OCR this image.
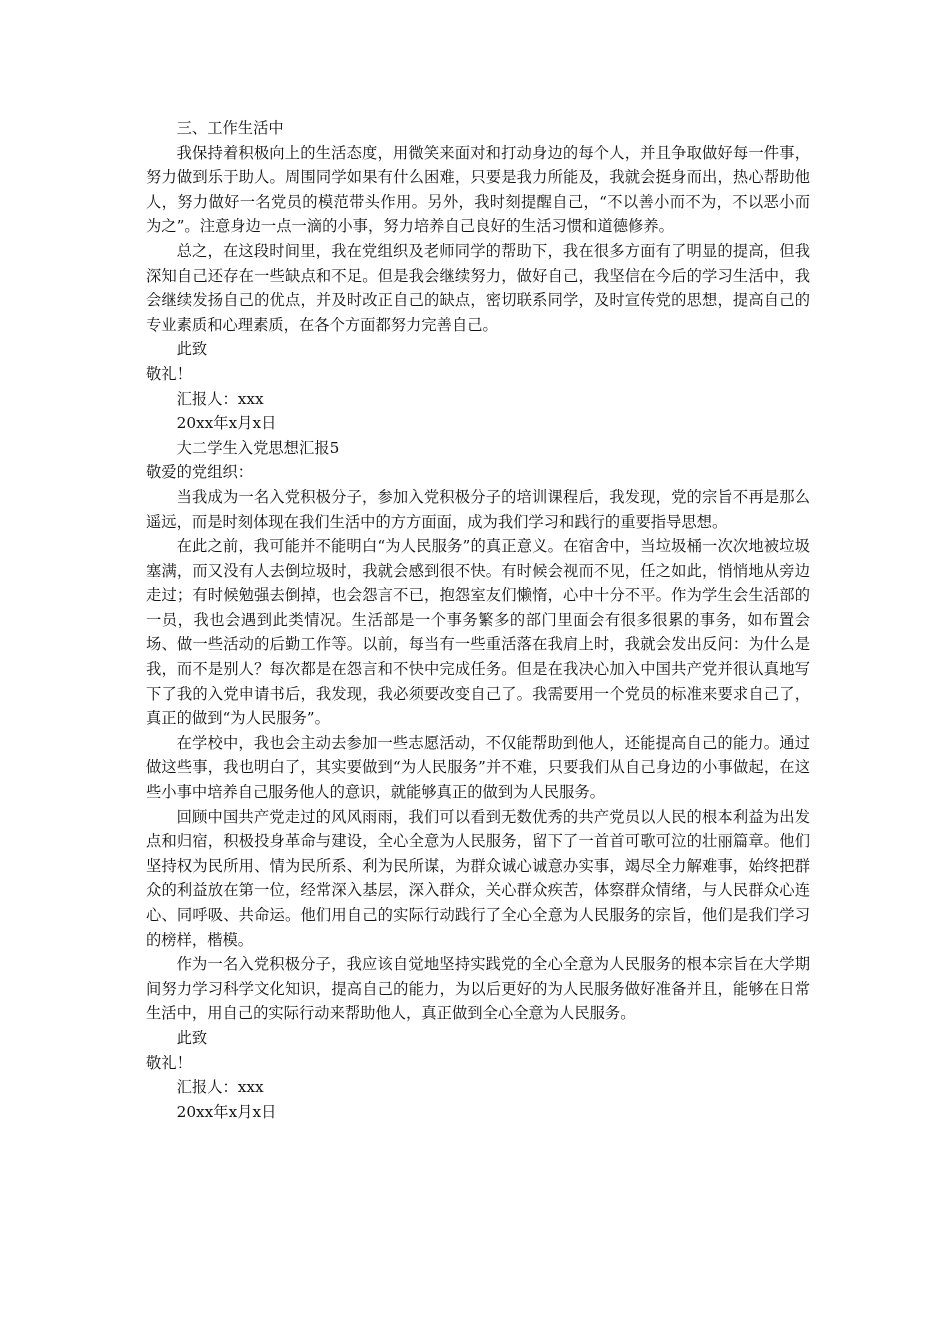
三、工作生活中

我保持着积极向上的生活态度，用微笑来面对和打动身边的每个人，并且争取做好每一件事，努力做到乐于助人。周围同学如果有什么困难，只要是我力所能及，我就会挺身而出，热心帮助他人，努力做好一名党员的模范带头作用。另外，我时刻提醒自己，“不以善小而不为，不以恶小而为之”。注意身边一点一滴的小事，努力培养自己良好的生活习惯和道德修养。

总之，在这段时间里，我在党组织及老师同学的帮助下，我在很多方面有了明显的提高，但我深知自己还存在一些缺点和不足。但是我会继续努力，做好自己，我坚信在今后的学习生活中，我会继续发扬自己的优点，并及时改正自己的缺点，密切联系同学，及时宣传党的思想，提高自己的专业素质和心理素质，在各个方面都努力完善自己。

此致

敬礼！

汇报人：xxx

20xx年x月x日

大二学生入党思想汇报5

敬爱的党组织：

当我成为一名入党积极分子，参加入党积极分子的培训课程后，我发现，党的宗旨不再是那么遥远，而是时刻体现在我们生活中的方方面面，成为我们学习和践行的重要指导思想。

在此之前，我可能并不能明白“为人民服务”的真正意义。在宿舍中，当垃圾桶一次次地被垃圾塞满，而又没有人去倒垃圾时，我就会感到很不快。有时候会视而不见，任之如此，悄悄地从旁边走过；有时候勉强去倒掉，也会怨言不已，抱怨室友们懒惰，心中十分不平。作为学生会生活部的一员，我也会遇到此类情况。生活部是一个事务繁多的部门里面会有很多很累的事务，如布置会场、做一些活动的后勤工作等。以前，每当有一些重活落在我肩上时，我就会发出反问：为什么是我，而不是别人？每次都是在怨言和不快中完成任务。但是在我决心加入中国共产党并很认真地写下了我的入党申请书后，我发现，我必须要改变自己了。我需要用一个党员的标准来要求自己了，真正的做到“为人民服务”。

在学校中，我也会主动去参加一些志愿活动，不仅能帮助到他人，还能提高自己的能力。通过做这些事，我也明白了，其实要做到“为人民服务”并不难，只要我们从自己身边的小事做起，在这些小事中培养自己服务他人的意识，就能够真正的做到为人民服务。

回顾中国共产党走过的风风雨雨，我们可以看到无数优秀的共产党员以人民的根本利益为出发点和归宿，积极投身革命与建设，全心全意为人民服务，留下了一首首可歌可泣的壮丽篇章。他们坚持权为民所用、情为民所系、利为民所谋，为群众诚心诚意办实事，竭尽全力解难事，始终把群众的利益放在第一位，经常深入基层，深入群众，关心群众疾苦，体察群众情绪，与人民群众心连心、同呼吸、共命运。他们用自己的实际行动践行了全心全意为人民服务的宗旨，他们是我们学习的榜样，楷模。

作为一名入党积极分子，我应该自觉地坚持实践党的全心全意为人民服务的根本宗旨在大学期间努力学习科学文化知识，提高自己的能力，为以后更好的为人民服务做好准备并且，能够在日常生活中，用自己的实际行动来帮助他人，真正做到全心全意为人民服务。

此致

敬礼！

汇报人：xxx

20xx年x月x日
